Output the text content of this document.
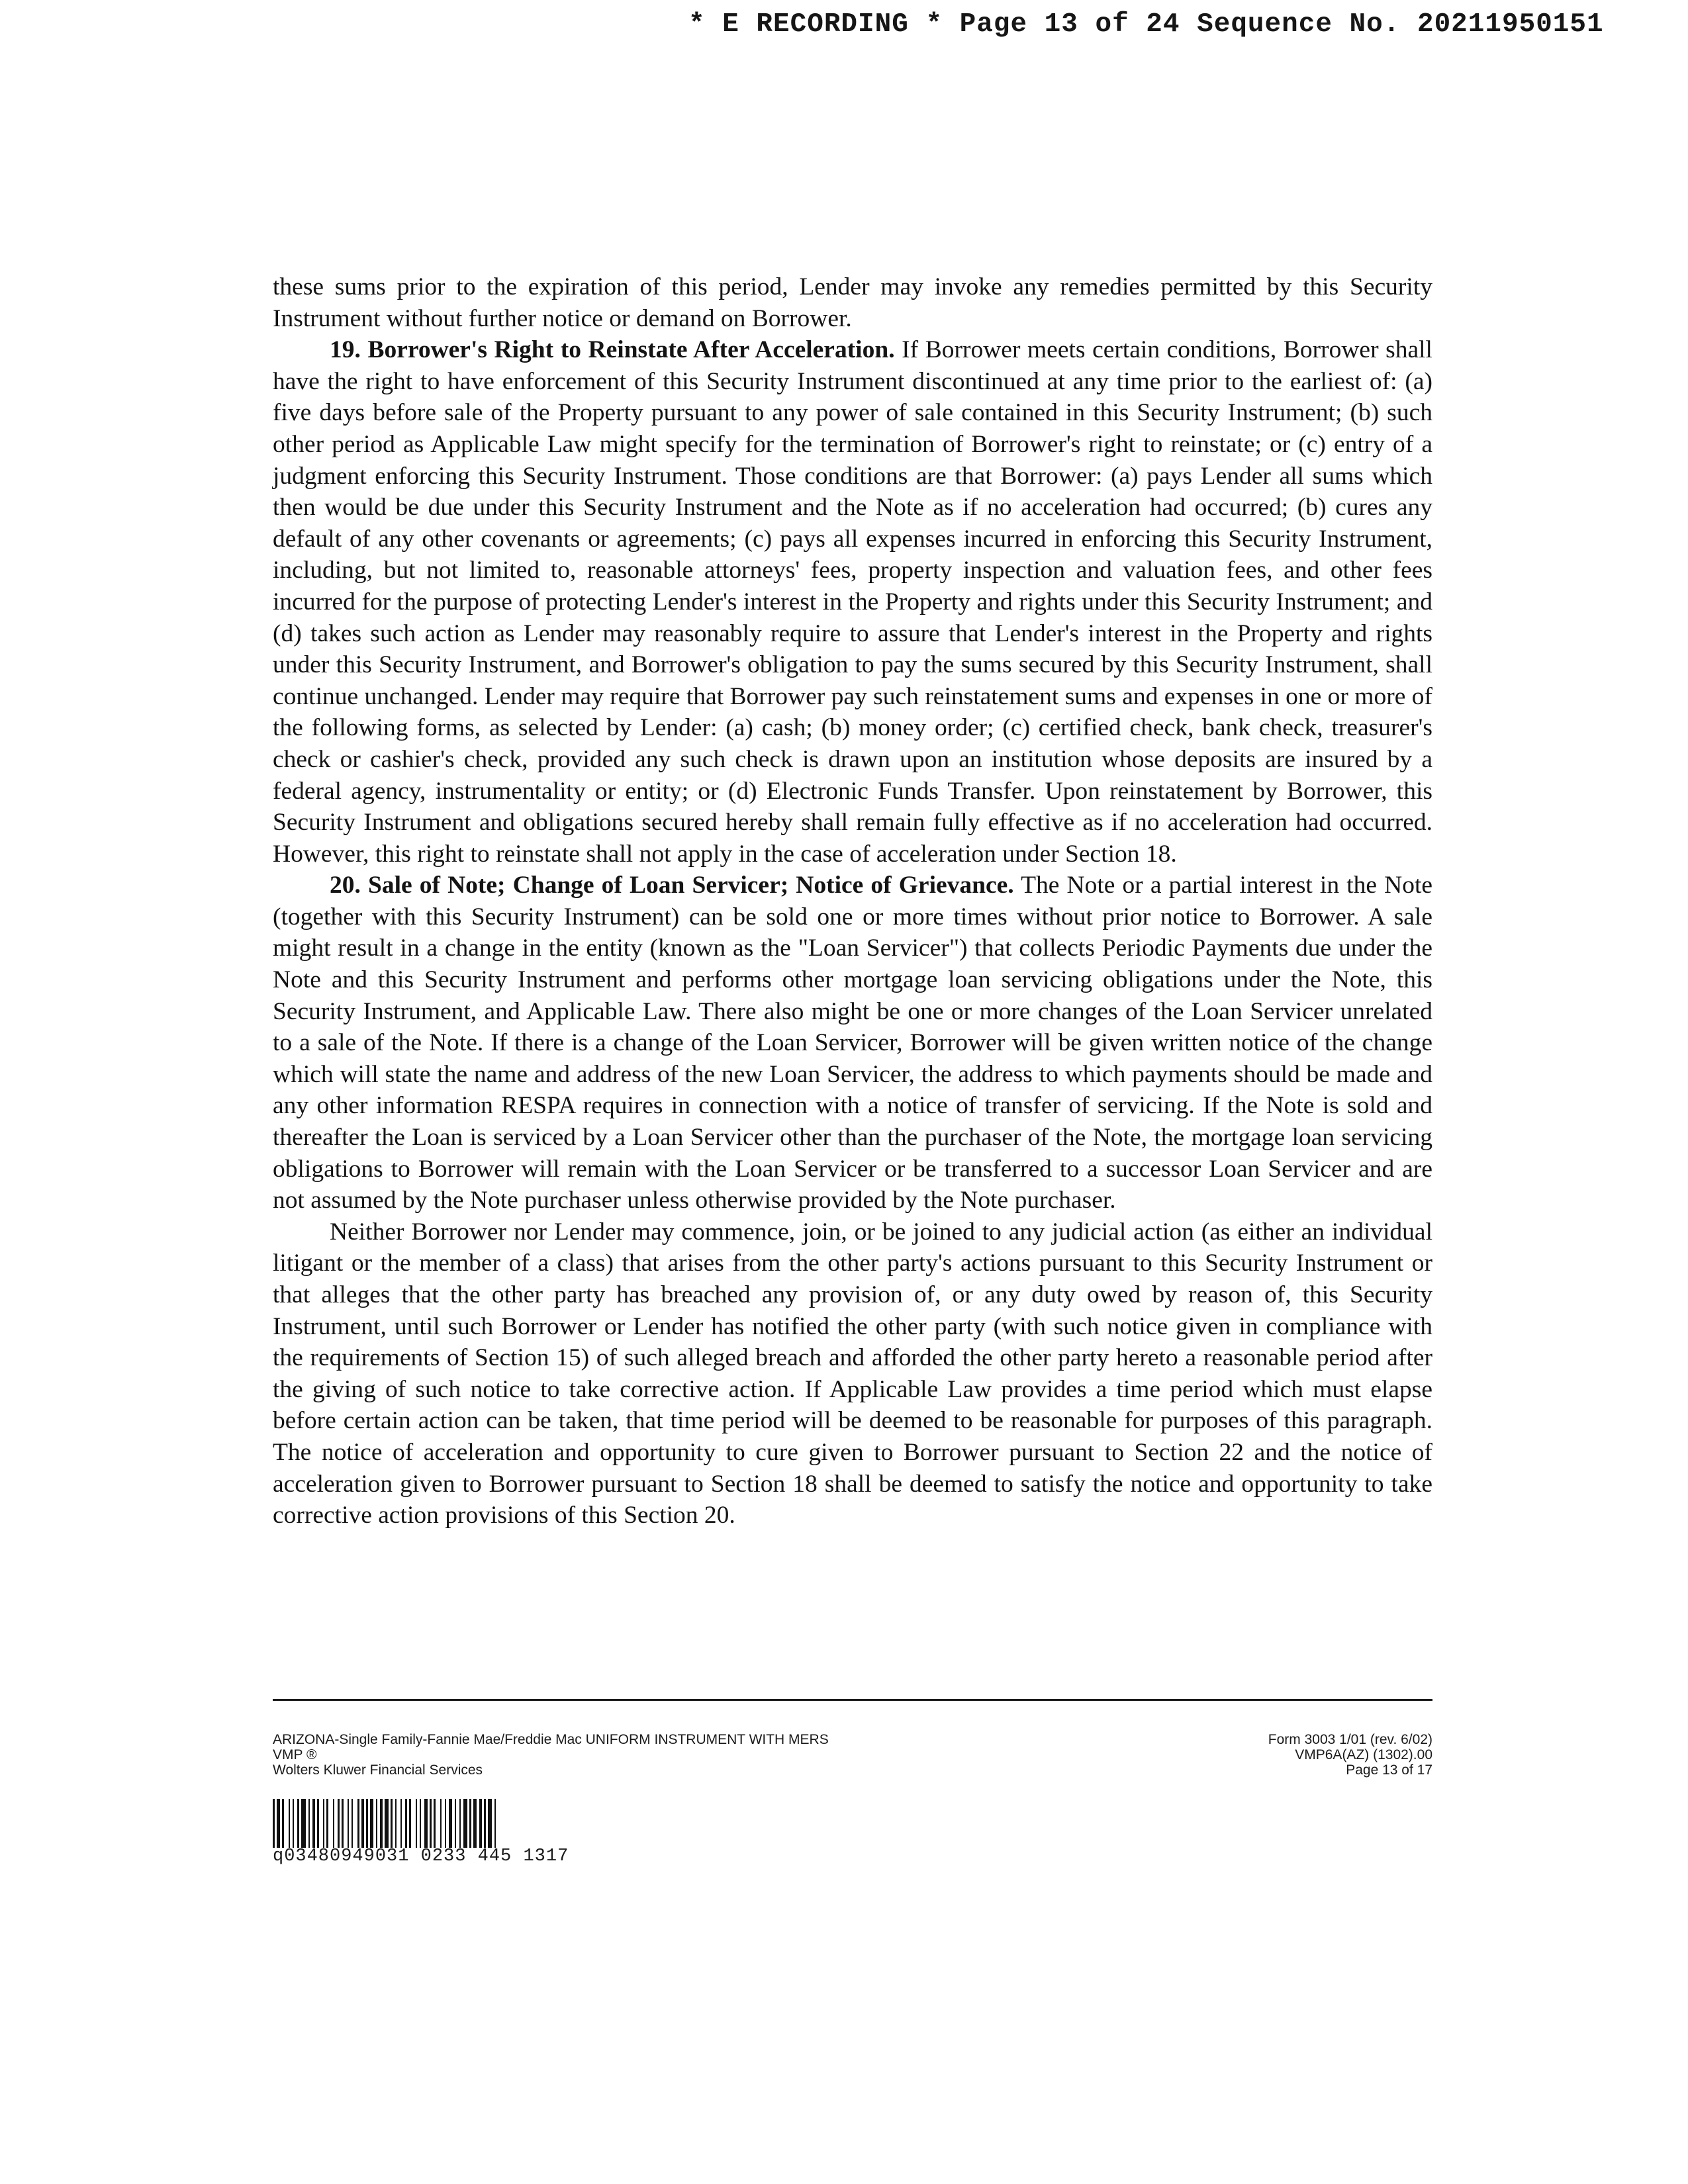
* E RECORDING * Page 13 of 24 Sequence No. 20211950151

these sums prior to the expiration of this period, Lender may invoke any remedies permitted by this Security Instrument without further notice or demand on Borrower.

19. Borrower's Right to Reinstate After Acceleration. If Borrower meets certain conditions, Borrower shall have the right to have enforcement of this Security Instrument discontinued at any time prior to the earliest of: (a) five days before sale of the Property pursuant to any power of sale contained in this Security Instrument; (b) such other period as Applicable Law might specify for the termination of Borrower's right to reinstate; or (c) entry of a judgment enforcing this Security Instrument. Those conditions are that Borrower: (a) pays Lender all sums which then would be due under this Security Instrument and the Note as if no acceleration had occurred; (b) cures any default of any other covenants or agreements; (c) pays all expenses incurred in enforcing this Security Instrument, including, but not limited to, reasonable attorneys' fees, property inspection and valuation fees, and other fees incurred for the purpose of protecting Lender's interest in the Property and rights under this Security Instrument; and (d) takes such action as Lender may reasonably require to assure that Lender's interest in the Property and rights under this Security Instrument, and Borrower's obligation to pay the sums secured by this Security Instrument, shall continue unchanged. Lender may require that Borrower pay such reinstatement sums and expenses in one or more of the following forms, as selected by Lender: (a) cash; (b) money order; (c) certified check, bank check, treasurer's check or cashier's check, provided any such check is drawn upon an institution whose deposits are insured by a federal agency, instrumentality or entity; or (d) Electronic Funds Transfer. Upon reinstatement by Borrower, this Security Instrument and obligations secured hereby shall remain fully effective as if no acceleration had occurred. However, this right to reinstate shall not apply in the case of acceleration under Section 18.

20. Sale of Note; Change of Loan Servicer; Notice of Grievance. The Note or a partial interest in the Note (together with this Security Instrument) can be sold one or more times without prior notice to Borrower. A sale might result in a change in the entity (known as the "Loan Servicer") that collects Periodic Payments due under the Note and this Security Instrument and performs other mortgage loan servicing obligations under the Note, this Security Instrument, and Applicable Law. There also might be one or more changes of the Loan Servicer unrelated to a sale of the Note. If there is a change of the Loan Servicer, Borrower will be given written notice of the change which will state the name and address of the new Loan Servicer, the address to which payments should be made and any other information RESPA requires in connection with a notice of transfer of servicing. If the Note is sold and thereafter the Loan is serviced by a Loan Servicer other than the purchaser of the Note, the mortgage loan servicing obligations to Borrower will remain with the Loan Servicer or be transferred to a successor Loan Servicer and are not assumed by the Note purchaser unless otherwise provided by the Note purchaser.

Neither Borrower nor Lender may commence, join, or be joined to any judicial action (as either an individual litigant or the member of a class) that arises from the other party's actions pursuant to this Security Instrument or that alleges that the other party has breached any provision of, or any duty owed by reason of, this Security Instrument, until such Borrower or Lender has notified the other party (with such notice given in compliance with the requirements of Section 15) of such alleged breach and afforded the other party hereto a reasonable period after the giving of such notice to take corrective action. If Applicable Law provides a time period which must elapse before certain action can be taken, that time period will be deemed to be reasonable for purposes of this paragraph. The notice of acceleration and opportunity to cure given to Borrower pursuant to Section 22 and the notice of acceleration given to Borrower pursuant to Section 18 shall be deemed to satisfy the notice and opportunity to take corrective action provisions of this Section 20.

ARIZONA-Single Family-Fannie Mae/Freddie Mac UNIFORM INSTRUMENT WITH MERS
VMP ®
Wolters Kluwer Financial Services
Form 3003 1/01 (rev. 6/02)
VMP6A(AZ) (1302).00
Page 13 of 17
q03480949031 0233 445 1317
